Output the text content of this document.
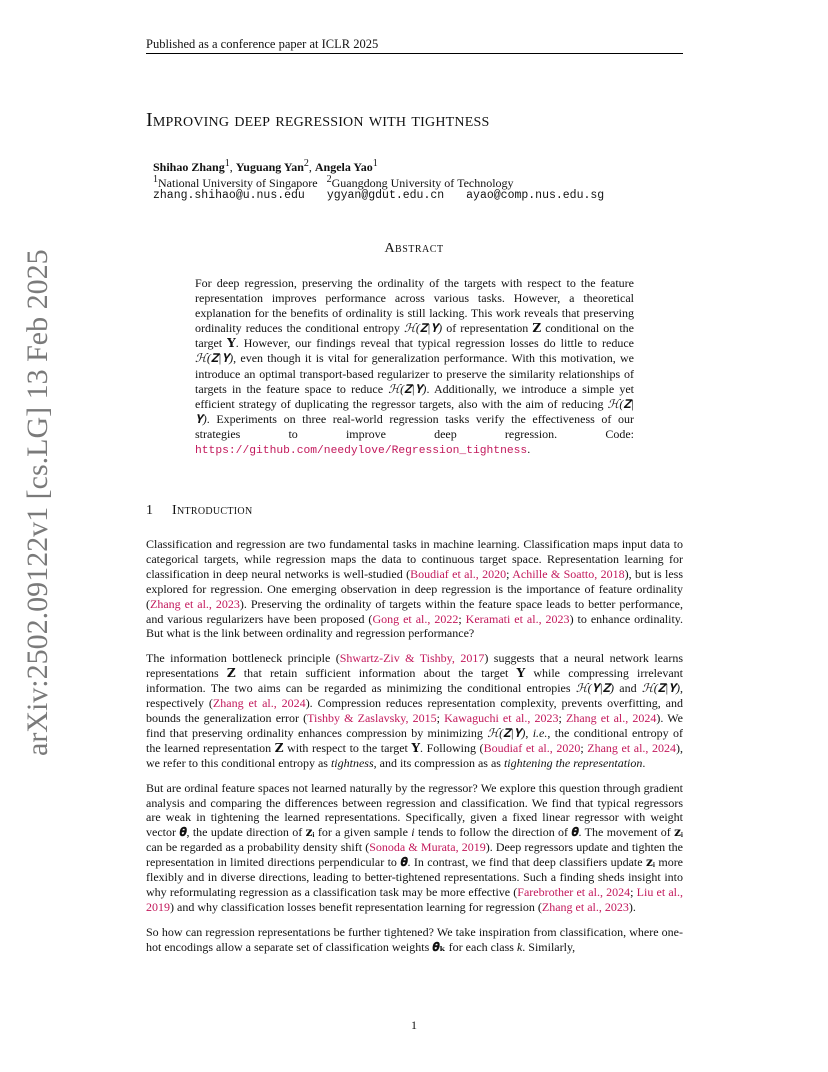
Published as a conference paper at ICLR 2025
arXiv:2502.09122v1 [cs.LG] 13 Feb 2025
Improving deep regression with tightness
Shihao Zhang$^1$, Yuguang Yan$^2$, Angela Yao$^1$
$^1$National University of Singapore $^2$Guangdong University of Technology
zhang.shihao@u.nus.edu ygyan@gdut.edu.cn ayao@comp.nus.edu.sg
Abstract

For deep regression, preserving the ordinality of the targets with respect to the feature representation improves performance across various tasks. However, a theoretical explanation for the benefits of ordinality is still lacking. This work reveals that preserving ordinality reduces the conditional entropy ℋ(𝐙|𝐘) of representation 𝐙 conditional on the target 𝐘. However, our findings reveal that typical regression losses do little to reduce ℋ(𝐙|𝐘), even though it is vital for generalization performance. With this motivation, we introduce an optimal transport-based regularizer to preserve the similarity relationships of targets in the feature space to reduce ℋ(𝐙|𝐘). Additionally, we introduce a simple yet efficient strategy of duplicating the regressor targets, also with the aim of reducing ℋ(𝐙|𝐘). Experiments on three real-world regression tasks verify the effectiveness of our strategies to improve deep regression. Code: https://github.com/needylove/Regression_tightness.

1 Introduction

Classification and regression are two fundamental tasks in machine learning. Classification maps input data to categorical targets, while regression maps the data to continuous target space. Representation learning for classification in deep neural networks is well-studied (Boudiaf et al., 2020; Achille & Soatto, 2018), but is less explored for regression. One emerging observation in deep regression is the importance of feature ordinality (Zhang et al., 2023). Preserving the ordinality of targets within the feature space leads to better performance, and various regularizers have been proposed (Gong et al., 2022; Keramati et al., 2023) to enhance ordinality. But what is the link between ordinality and regression performance?

The information bottleneck principle (Shwartz-Ziv & Tishby, 2017) suggests that a neural network learns representations 𝐙 that retain sufficient information about the target 𝐘 while compressing irrelevant information. The two aims can be regarded as minimizing the conditional entropies ℋ(𝐘|𝐙) and ℋ(𝐙|𝐘), respectively (Zhang et al., 2024). Compression reduces representation complexity, prevents overfitting, and bounds the generalization error (Tishby & Zaslavsky, 2015; Kawaguchi et al., 2023; Zhang et al., 2024). We find that preserving ordinality enhances compression by minimizing ℋ(𝐙|𝐘), i.e., the conditional entropy of the learned representation 𝐙 with respect to the target 𝐘. Following (Boudiaf et al., 2020; Zhang et al., 2024), we refer to this conditional entropy as tightness, and its compression as as tightening the representation.

But are ordinal feature spaces not learned naturally by the regressor? We explore this question through gradient analysis and comparing the differences between regression and classification. We find that typical regressors are weak in tightening the learned representations. Specifically, given a fixed linear regressor with weight vector 𝜽, the update direction of 𝐳ᵢ for a given sample i tends to follow the direction of 𝜽. The movement of 𝐳ᵢ can be regarded as a probability density shift (Sonoda & Murata, 2019). Deep regressors update and tighten the representation in limited directions perpendicular to 𝜽. In contrast, we find that deep classifiers update 𝐳ᵢ more flexibly and in diverse directions, leading to better-tightened representations. Such a finding sheds insight into why reformulating regression as a classification task may be more effective (Farebrother et al., 2024; Liu et al., 2019) and why classification losses benefit representation learning for regression (Zhang et al., 2023).

So how can regression representations be further tightened? We take inspiration from classification, where one-hot encodings allow a separate set of classification weights 𝜽ₖ for each class k. Similarly,

1
